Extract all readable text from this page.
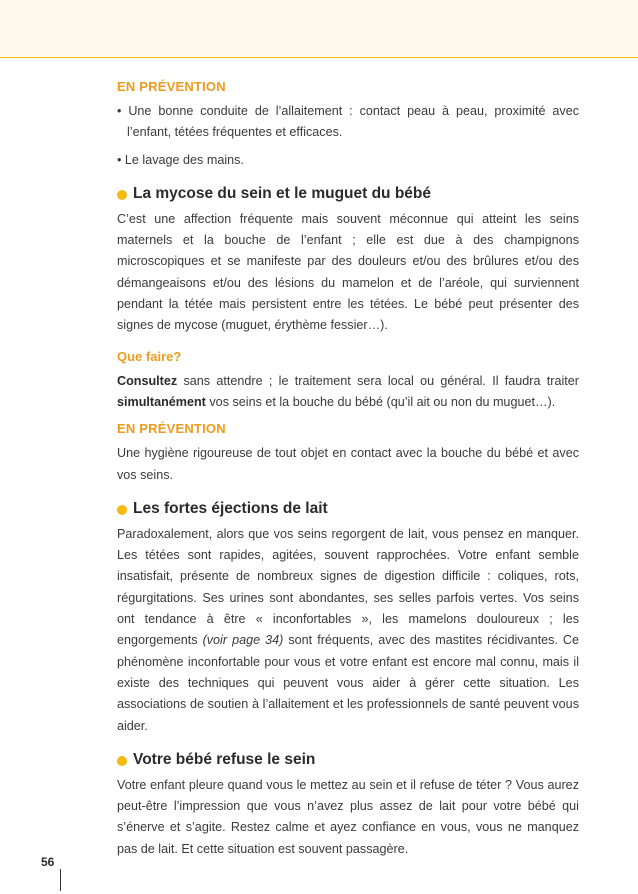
EN PRÉVENTION

• Une bonne conduite de l’allaitement : contact peau à peau, proximité avec l’enfant, tétées fréquentes et efficaces.

• Le lavage des mains.

La mycose du sein et le muguet du bébé

C’est une affection fréquente mais souvent méconnue qui atteint les seins maternels et la bouche de l’enfant ; elle est due à des champignons microscopiques et se manifeste par des douleurs et/ou des brûlures et/ou des démangeaisons et/ou des lésions du mamelon et de l’aréole, qui surviennent pendant la tétée mais persistent entre les tétées. Le bébé peut présenter des signes de mycose (muguet, érythème fessier…).

Que faire?

Consultez sans attendre ; le traitement sera local ou général. Il faudra traiter simultanément vos seins et la bouche du bébé (qu’il ait ou non du muguet…).

EN PRÉVENTION

Une hygiène rigoureuse de tout objet en contact avec la bouche du bébé et avec vos seins.

Les fortes éjections de lait

Paradoxalement, alors que vos seins regorgent de lait, vous pensez en manquer. Les tétées sont rapides, agitées, souvent rapprochées. Votre enfant semble insatisfait, présente de nombreux signes de digestion difficile : coliques, rots, régurgitations. Ses urines sont abondantes, ses selles parfois vertes. Vos seins ont tendance à être « inconfortables », les mamelons douloureux ; les engorgements (voir page 34) sont fréquents, avec des mastites récidivantes. Ce phénomène inconfortable pour vous et votre enfant est encore mal connu, mais il existe des techniques qui peuvent vous aider à gérer cette situation. Les associations de soutien à l’allaitement et les professionnels de santé peuvent vous aider.

Votre bébé refuse le sein

Votre enfant pleure quand vous le mettez au sein et il refuse de téter ? Vous aurez peut-être l’impression que vous n’avez plus assez de lait pour votre bébé qui s’énerve et s’agite. Restez calme et ayez confiance en vous, vous ne manquez pas de lait. Et cette situation est souvent passagère.

56
